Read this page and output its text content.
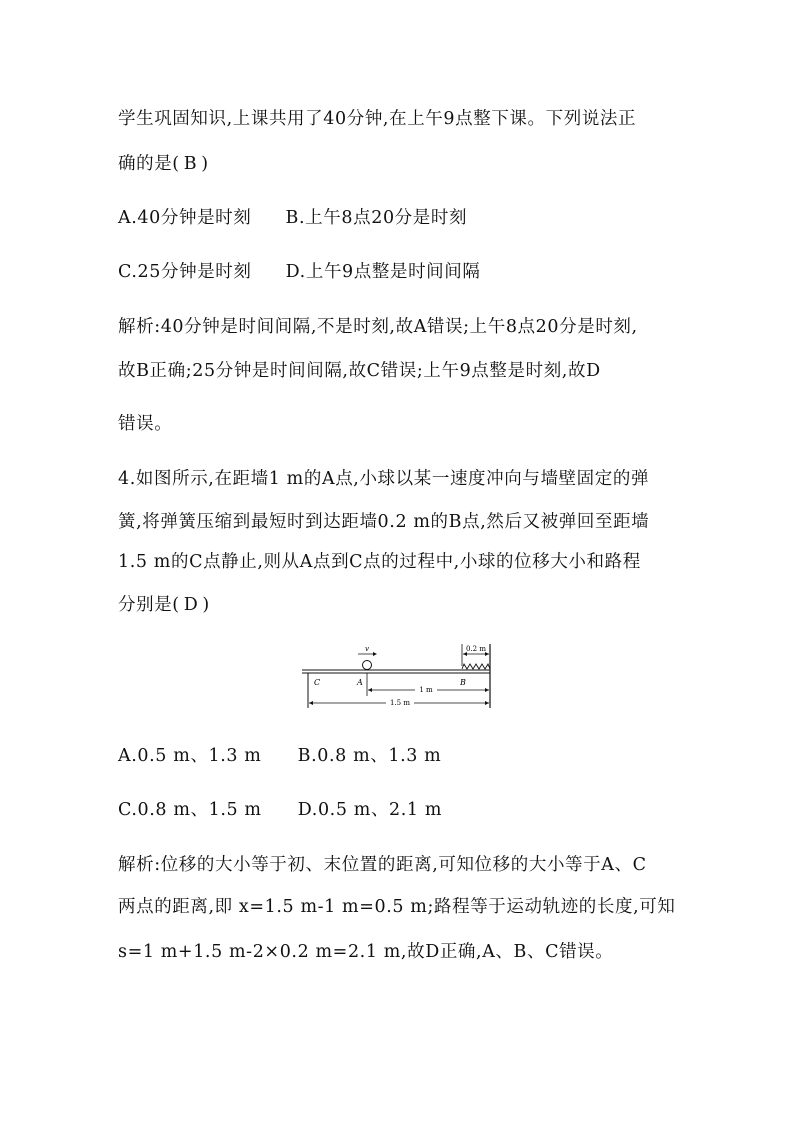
学生巩固知识,上课共用了40分钟,在上午9点整下课。下列说法正
确的是( B )
A.40分钟是时刻 B.上午8点20分是时刻
C.25分钟是时刻 D.上午9点整是时间间隔
解析:40分钟是时间间隔,不是时刻,故A错误;上午8点20分是时刻,
故B正确;25分钟是时间间隔,故C错误;上午9点整是时刻,故D
错误。
4.如图所示,在距墙1 m的A点,小球以某一速度冲向与墙壁固定的弹
簧,将弹簧压缩到最短时到达距墙0.2 m的B点,然后又被弹回至距墙
1.5 m的C点静止,则从A点到C点的过程中,小球的位移大小和路程
分别是( D )
0.2 m
v
C	A	B
1 m
1.5 m
A.0.5 m、1.3 m B.0.8 m、1.3 m
C.0.8 m、1.5 m D.0.5 m、2.1 m
解析:位移的大小等于初、末位置的距离,可知位移的大小等于A、C
两点的距离,即 x=1.5 m-1 m=0.5 m;路程等于运动轨迹的长度,可知
s=1 m+1.5 m-2×0.2 m=2.1 m,故D正确,A、B、C错误。
